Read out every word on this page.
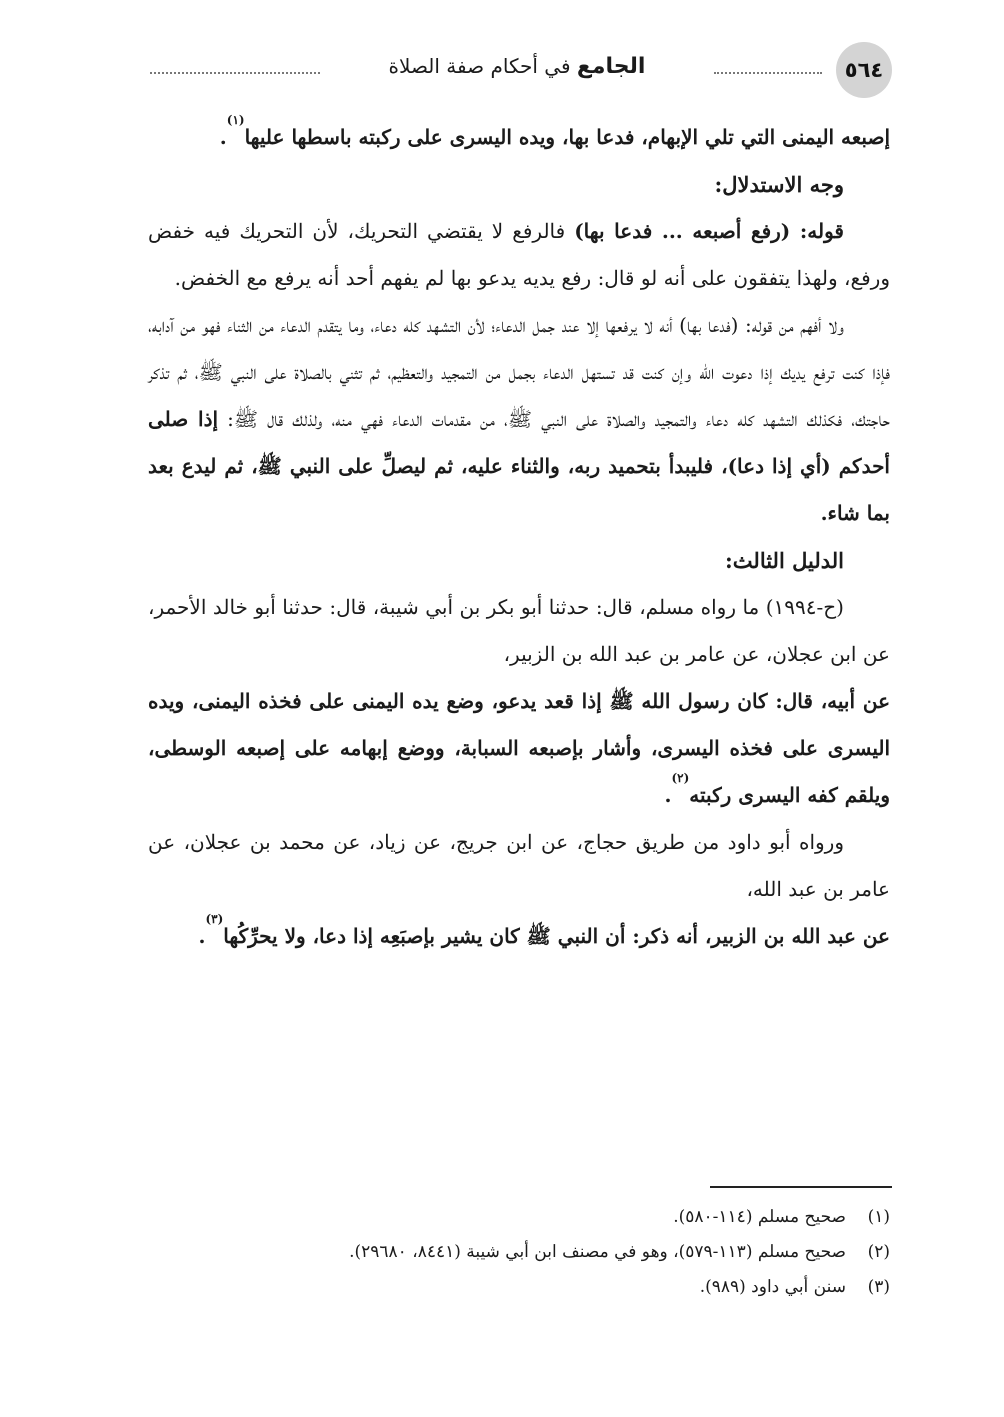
٥٦٤
الجامع في أحكام صفة الصلاة

إصبعه اليمنى التي تلي الإبهام، فدعا بها، ويده اليسرى على ركبته باسطها عليها$^{(١)}$.

وجه الاستدلال:

قوله: (رفع أصبعه ... فدعا بها) فالرفع لا يقتضي التحريك، لأن التحريك فيه خفض ورفع، ولهذا يتفقون على أنه لو قال: رفع يديه يدعو بها لم يفهم أحد أنه يرفع مع الخفض.

ولا أفهم من قوله: (فدعا بها) أنه لا يرفعها إلا عند جمل الدعاء؛ لأن التشهد كله دعاء، وما يتقدم الدعاء من الثناء فهو من آدابه، فإذا كنت ترفع يديك إذا دعوت الله وإن كنت قد تستهل الدعاء بجمل من التمجيد والتعظيم، ثم تثني بالصلاة على النبي ﷺ، ثم تذكر حاجتك، فكذلك التشهد كله دعاء والتمجيد والصلاة على النبي ﷺ، من مقدمات الدعاء فهي منه، ولذلك قال ﷺ: إذا صلى أحدكم (أي إذا دعا)، فليبدأ بتحميد ربه، والثناء عليه، ثم ليصلِّ على النبي ﷺ، ثم ليدع بعد بما شاء.

الدليل الثالث:

(ح-١٩٩٤) ما رواه مسلم، قال: حدثنا أبو بكر بن أبي شيبة، قال: حدثنا أبو خالد الأحمر، عن ابن عجلان، عن عامر بن عبد الله بن الزبير،

عن أبيه، قال: كان رسول الله ﷺ إذا قعد يدعو، وضع يده اليمنى على فخذه اليمنى، ويده اليسرى على فخذه اليسرى، وأشار بإصبعه السبابة، ووضع إبهامه على إصبعه الوسطى، ويلقم كفه اليسرى ركبته$^{(٢)}$.

ورواه أبو داود من طريق حجاج، عن ابن جريج، عن زياد، عن محمد بن عجلان، عن عامر بن عبد الله،

عن عبد الله بن الزبير، أنه ذكر: أن النبي ﷺ كان يشير بإصبَعِه إذا دعا، ولا يحرِّكُها$^{(٣)}$.

(١)صحيح مسلم (١١٤-٥٨٠).

(٢)صحيح مسلم (١١٣-٥٧٩)، وهو في مصنف ابن أبي شيبة (٨٤٤١، ٢٩٦٨٠).

(٣)سنن أبي داود (٩٨٩).
